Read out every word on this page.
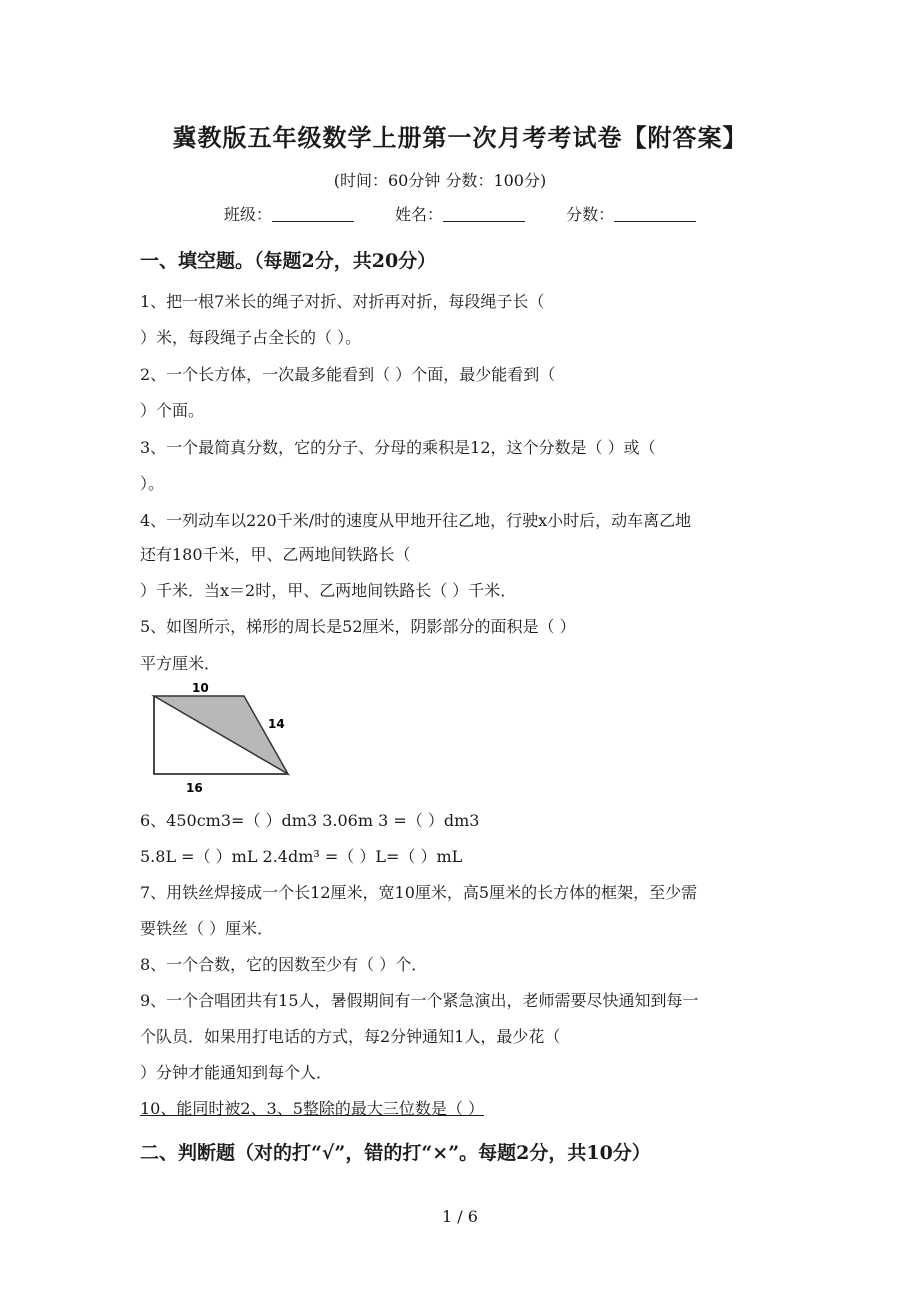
冀教版五年级数学上册第一次月考考试卷【附答案】
(时间：60分钟 分数：100分)
班级：	姓名：	分数：
一、填空题。（每题2分，共20分）
1、把一根7米长的绳子对折、对折再对折，每段绳子长（
）米，每段绳子占全长的（ ）。
2、一个长方体，一次最多能看到（ ）个面，最少能看到（
）个面。
3、一个最简真分数，它的分子、分母的乘积是12，这个分数是（ ）或（
）。
4、一列动车以220千米/时的速度从甲地开往乙地，行驶x小时后，动车离乙地
还有180千米，甲、乙两地间铁路长（
）千米．当x＝2时，甲、乙两地间铁路长（ ）千米．
5、如图所示，梯形的周长是52厘米，阴影部分的面积是（ ）
平方厘米．
10
14
16
6、450cm3=（ ）dm3 3.06m 3 =（ ）dm3
5.8L =（ ）mL 2.4dm³ =（ ）L=（ ）mL
7、用铁丝焊接成一个长12厘米，宽10厘米，高5厘米的长方体的框架，至少需
要铁丝（ ）厘米．
8、一个合数，它的因数至少有（ ）个．
9、一个合唱团共有15人，暑假期间有一个紧急演出，老师需要尽快通知到每一
个队员．如果用打电话的方式，每2分钟通知1人，最少花（
）分钟才能通知到每个人．
10、能同时被2、3、5整除的最大三位数是（ ）
二、判断题（对的打“√”，错的打“×”。每题2分，共10分）
1 / 6
